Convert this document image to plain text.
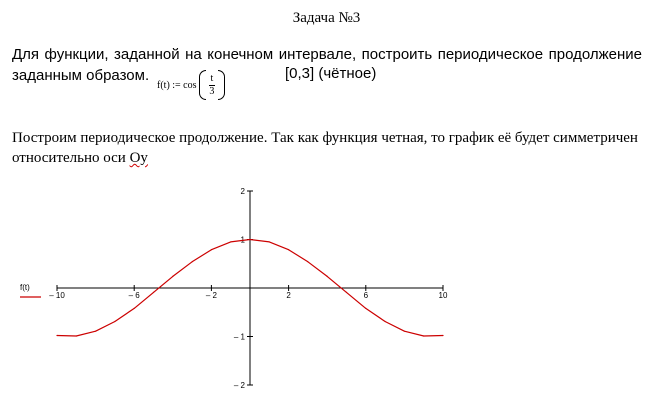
Задача №3
Для функции, заданной на конечном интервале, построить периодическое продолжение
заданным образом.
f(t) := $\cos \frac{t}{3}$	[0,3] (чётное)
Построим периодическое продолжение. Так как функция четная, то график её будет симметричен относительно оси Oy
– 10	– 6	– 2	2	6	10
2
1
– 1
– 2
f(t)
